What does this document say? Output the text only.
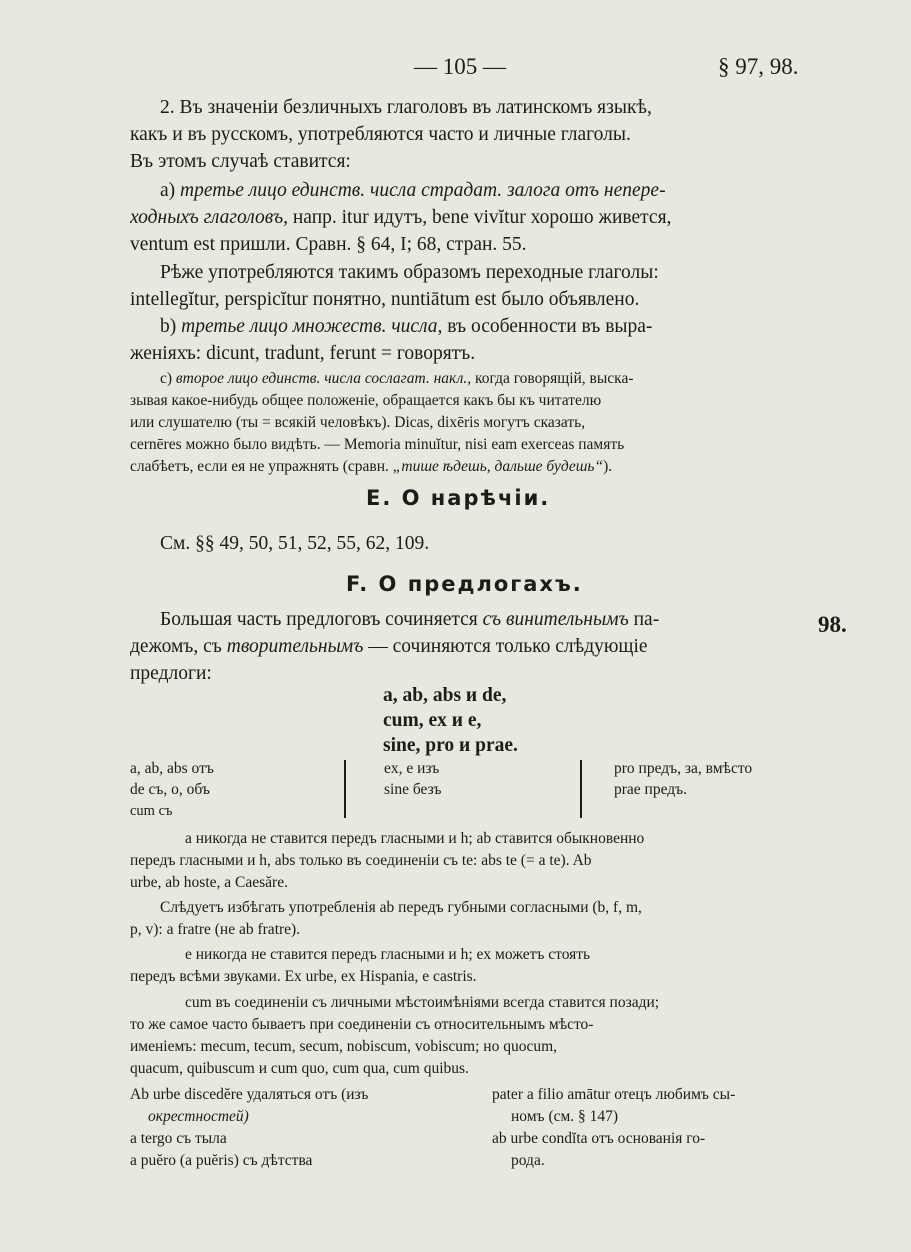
— 105 —	§ 97, 98.
2. Въ значеніи безличныхъ глаголовъ въ латинскомъ языкѣ,
какъ и въ русскомъ, употребляются часто и личные глаголы.
Въ этомъ случаѣ ставится:
a) третье лицо единств. числа страдат. залога отъ непере-
ходныхъ глаголовъ, напр. itur идутъ, bene vivĭtur хорошо живется,
ventum est пришли. Сравн. § 64, I; 68, стран. 55.
Рѣже употребляются такимъ образомъ переходные глаголы:
intellegĭtur, perspicĭtur понятно, nuntiātum est было объявлено.
b) третье лицо множеств. числа, въ особенности въ выра-
женіяхъ: dicunt, tradunt, ferunt = говорятъ.
c) второе лицо единств. числа сослагат. накл., когда говорящій, выска-
зывая какое-нибудь общее положеніе, обращается какъ бы къ читателю
или слушателю (ты = всякій человѣкъ). Dicas, dixēris могутъ сказать,
cernēres можно было видѣть. — Memoria minuĭtur, nisi eam exerceas память
слабѣетъ, если ея не упражнять (сравн. „тише ѣдешь, дальше будешь“).
E. О нарѣчіи.
См. §§ 49, 50, 51, 52, 55, 62, 109.
F. О предлогахъ.
Большая часть предлоговъ сочиняется съ винительнымъ па-	98.
дежомъ, съ творительнымъ — сочиняются только слѣдующіе
предлоги:
a, ab, abs и de,
cum, ex и e,
sine, pro и prae.
a, ab, abs отъ
de съ, о, объ
cum съ
ex, e изъ
sine безъ
pro предъ, за, вмѣсто
prae предъ.
a никогда не ставится передъ гласными и h; ab ставится обыкновенно
передъ гласными и h, abs только въ соединеніи съ te: abs te (= a te). Ab
urbe, ab hoste, a Caesăre.
Слѣдуетъ избѣгать употребленія ab передъ губными согласными (b, f, m,
p, v): a fratre (не ab fratre).
e никогда не ставится передъ гласными и h; ex можетъ стоять
передъ всѣми звуками. Ex urbe, ex Hispania, e castris.
cum въ соединеніи съ личными мѣстоимѣніями всегда ставится позади;
то же самое часто бываетъ при соединеніи съ относительнымъ мѣсто-
именіемъ: mecum, tecum, secum, nobiscum, vobiscum; но quocum,
quacum, quibuscum и cum quo, cum qua, cum quibus.
Ab urbe discedĕre удаляться отъ (изъ
окрестностей)
a tergo съ тыла
a puĕro (a puĕris) съ дѣтства
pater a filio amātur отецъ любимъ сы-
номъ (см. § 147)
ab urbe condĭta отъ основанія го-
рода.
